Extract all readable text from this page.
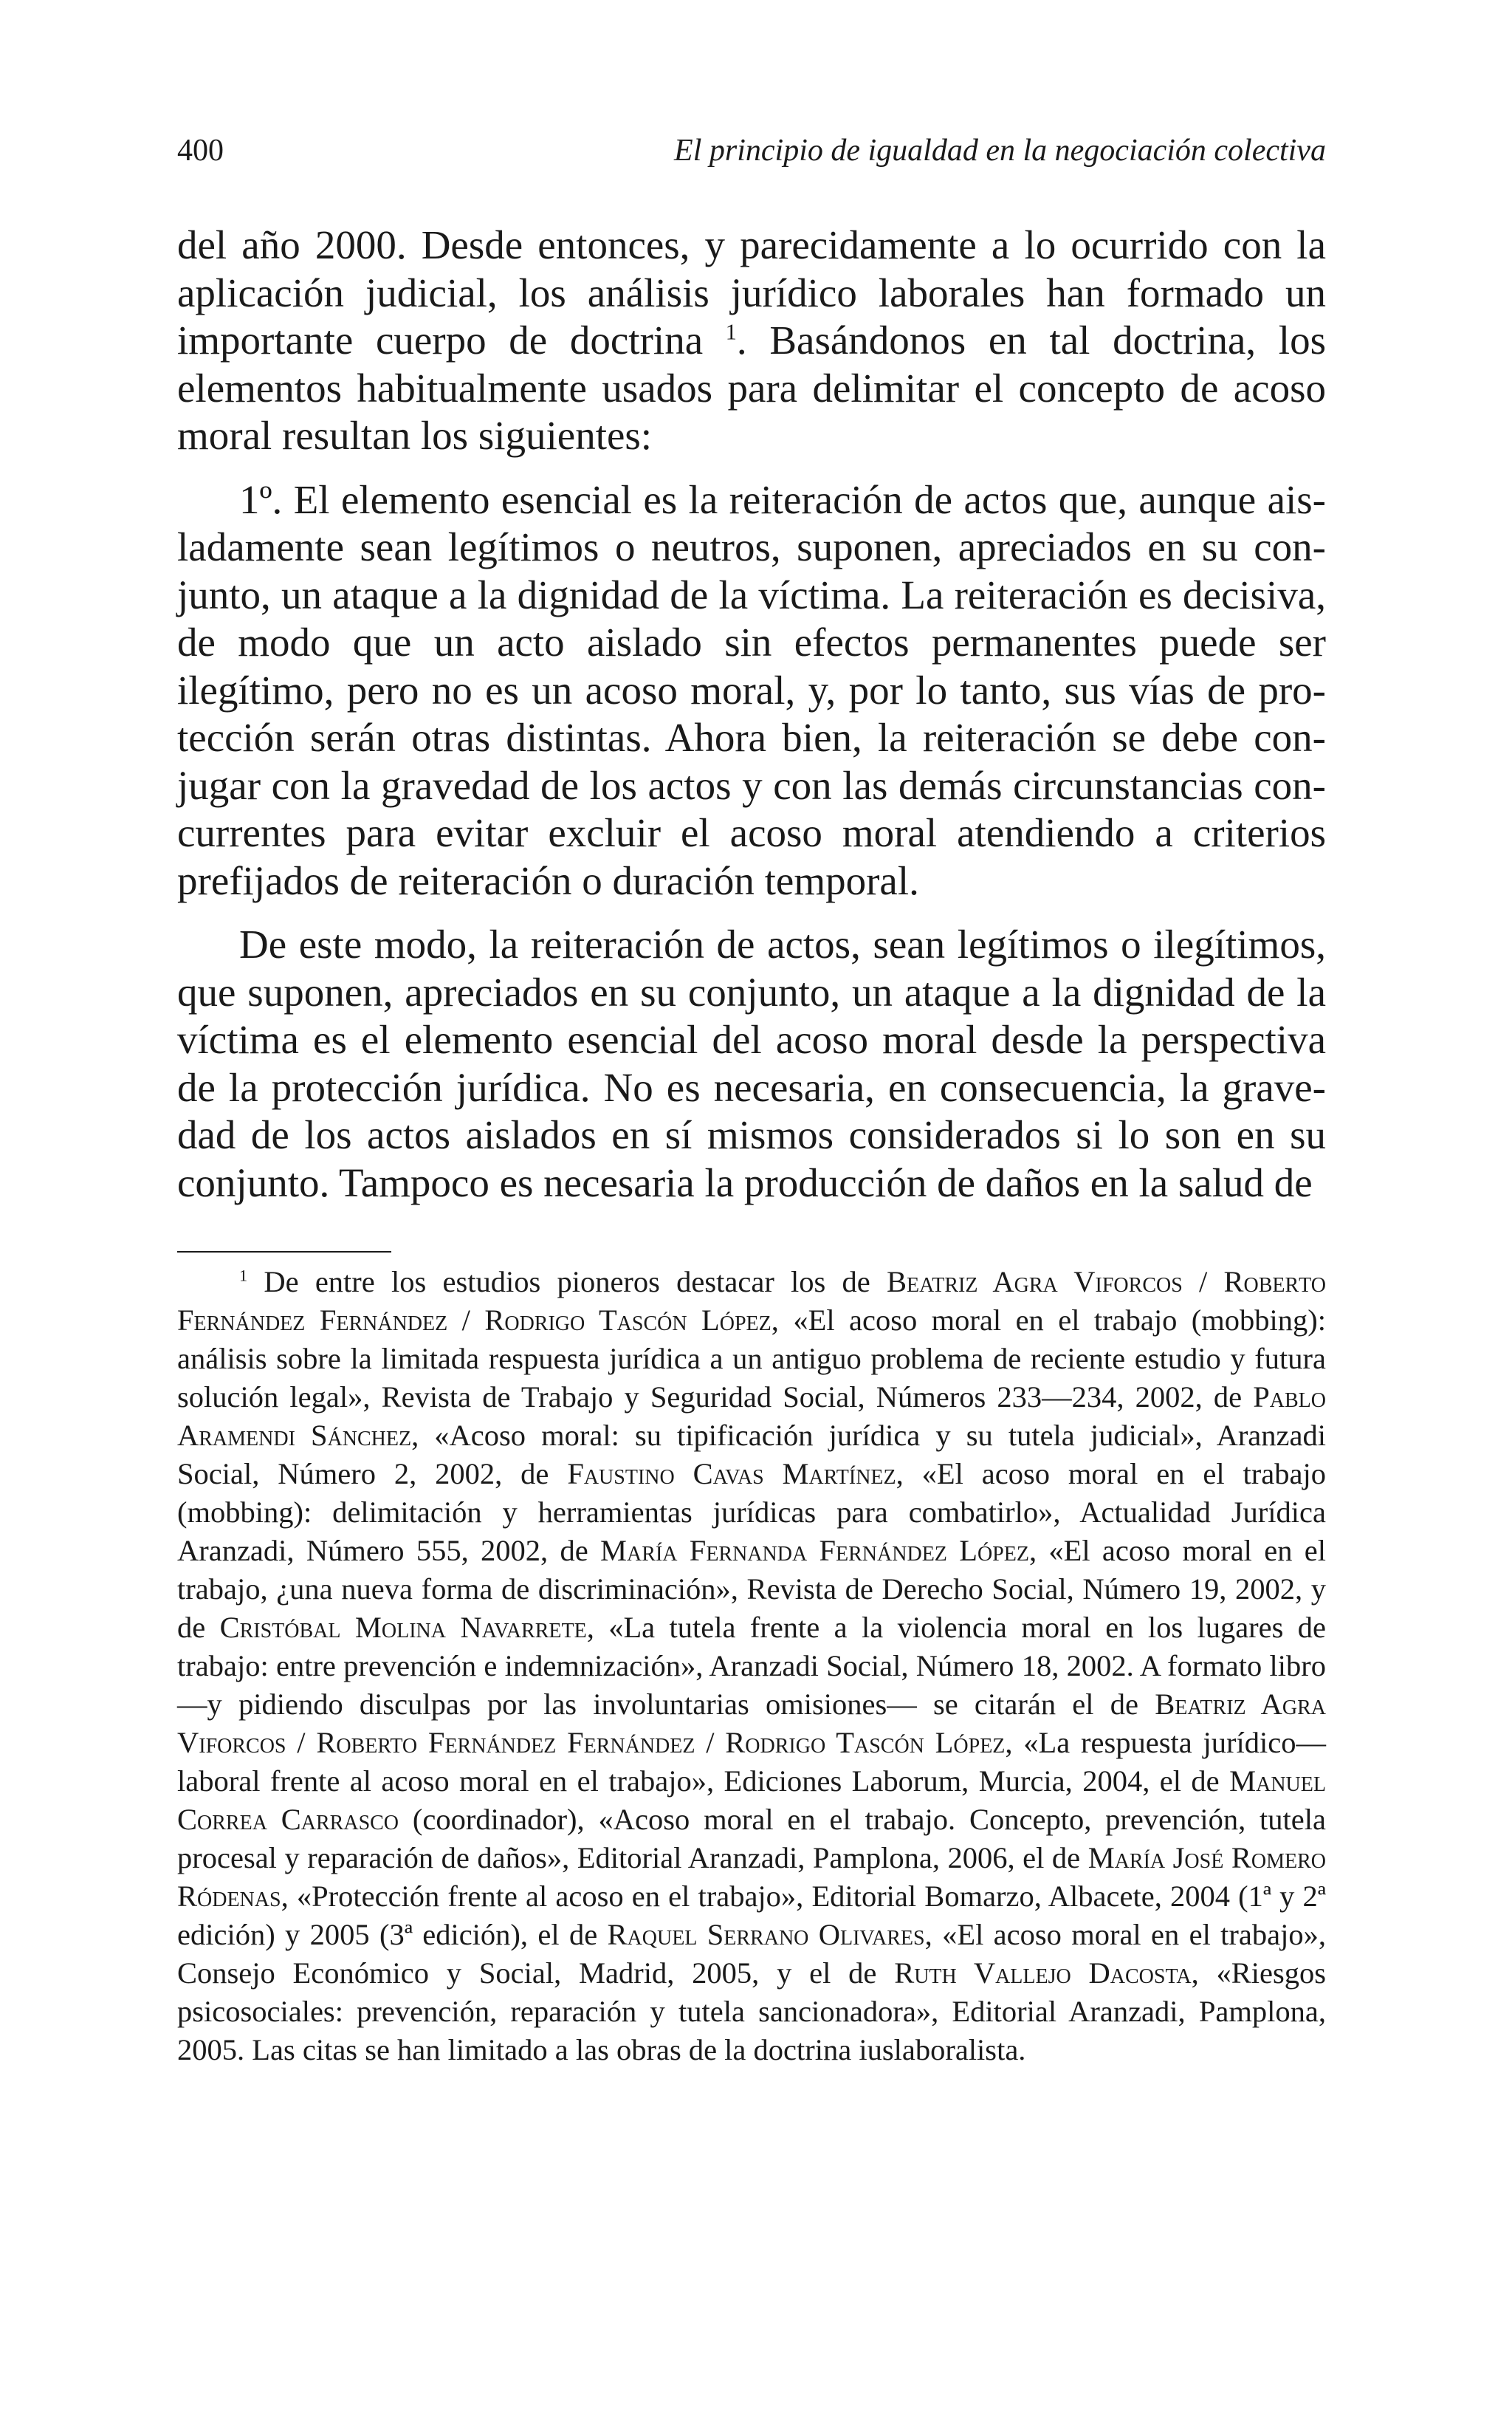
400	El principio de igualdad en la negociación colectiva

del año 2000. Desde entonces, y parecidamente a lo ocurrido con la aplicación judicial, los análisis jurídico laborales han formado un importante cuerpo de doctrina $^1$. Basándonos en tal doctrina, los elementos habitualmente usados para delimitar el concepto de acoso moral resultan los siguientes:

1º. El elemento esencial es la reiteración de actos que, aunque aisladamente sean legítimos o neutros, suponen, apreciados en su conjunto, un ataque a la dignidad de la víctima. La reiteración es decisiva, de modo que un acto aislado sin efectos permanentes puede ser ilegítimo, pero no es un acoso moral, y, por lo tanto, sus vías de protección serán otras distintas. Ahora bien, la reiteración se debe conjugar con la gravedad de los actos y con las demás circunstancias concurrentes para evitar excluir el acoso moral atendiendo a criterios prefijados de reiteración o duración temporal.

De este modo, la reiteración de actos, sean legítimos o ilegítimos, que suponen, apreciados en su conjunto, un ataque a la dignidad de la víctima es el elemento esencial del acoso moral desde la perspectiva de la protección jurídica. No es necesaria, en consecuencia, la gravedad de los actos aislados en sí mismos considerados si lo son en su conjunto. Tampoco es necesaria la producción de daños en la salud de

$^1$ De entre los estudios pioneros destacar los de Beatriz Agra Viforcos / Roberto Fernández Fernández / Rodrigo Tascón López, «El acoso moral en el trabajo (mobbing): análisis sobre la limitada respuesta jurídica a un antiguo problema de reciente estudio y futura solución legal», Revista de Trabajo y Seguridad Social, Números 233—234, 2002, de Pablo Aramendi Sánchez, «Acoso moral: su tipificación jurídica y su tutela judicial», Aranzadi Social, Número 2, 2002, de Faustino Cavas Martínez, «El acoso moral en el trabajo (mobbing): delimitación y herramientas jurídicas para combatirlo», Actualidad Jurídica Aranzadi, Número 555, 2002, de María Fernanda Fernández López, «El acoso moral en el trabajo, ¿una nueva forma de discriminación», Revista de Derecho Social, Número 19, 2002, y de Cristóbal Molina Navarrete, «La tutela frente a la violencia moral en los lugares de trabajo: entre prevención e indemnización», Aranzadi Social, Número 18, 2002. A formato libro —y pidiendo disculpas por las involuntarias omisiones— se citarán el de Beatriz Agra Viforcos / Roberto Fernández Fernández / Rodrigo Tascón López, «La respuesta jurídico—laboral frente al acoso moral en el trabajo», Ediciones Laborum, Murcia, 2004, el de Manuel Correa Carrasco (coordinador), «Acoso moral en el trabajo. Concepto, prevención, tutela procesal y reparación de daños», Editorial Aranzadi, Pamplona, 2006, el de María José Romero Ródenas, «Protección frente al acoso en el trabajo», Editorial Bomarzo, Albacete, 2004 (1ª y 2ª edición) y 2005 (3ª edición), el de Raquel Serrano Olivares, «El acoso moral en el trabajo», Consejo Económico y Social, Madrid, 2005, y el de Ruth Vallejo Dacosta, «Riesgos psicosociales: prevención, reparación y tutela sancionadora», Editorial Aranzadi, Pamplona, 2005. Las citas se han limitado a las obras de la doctrina iuslaboralista.
